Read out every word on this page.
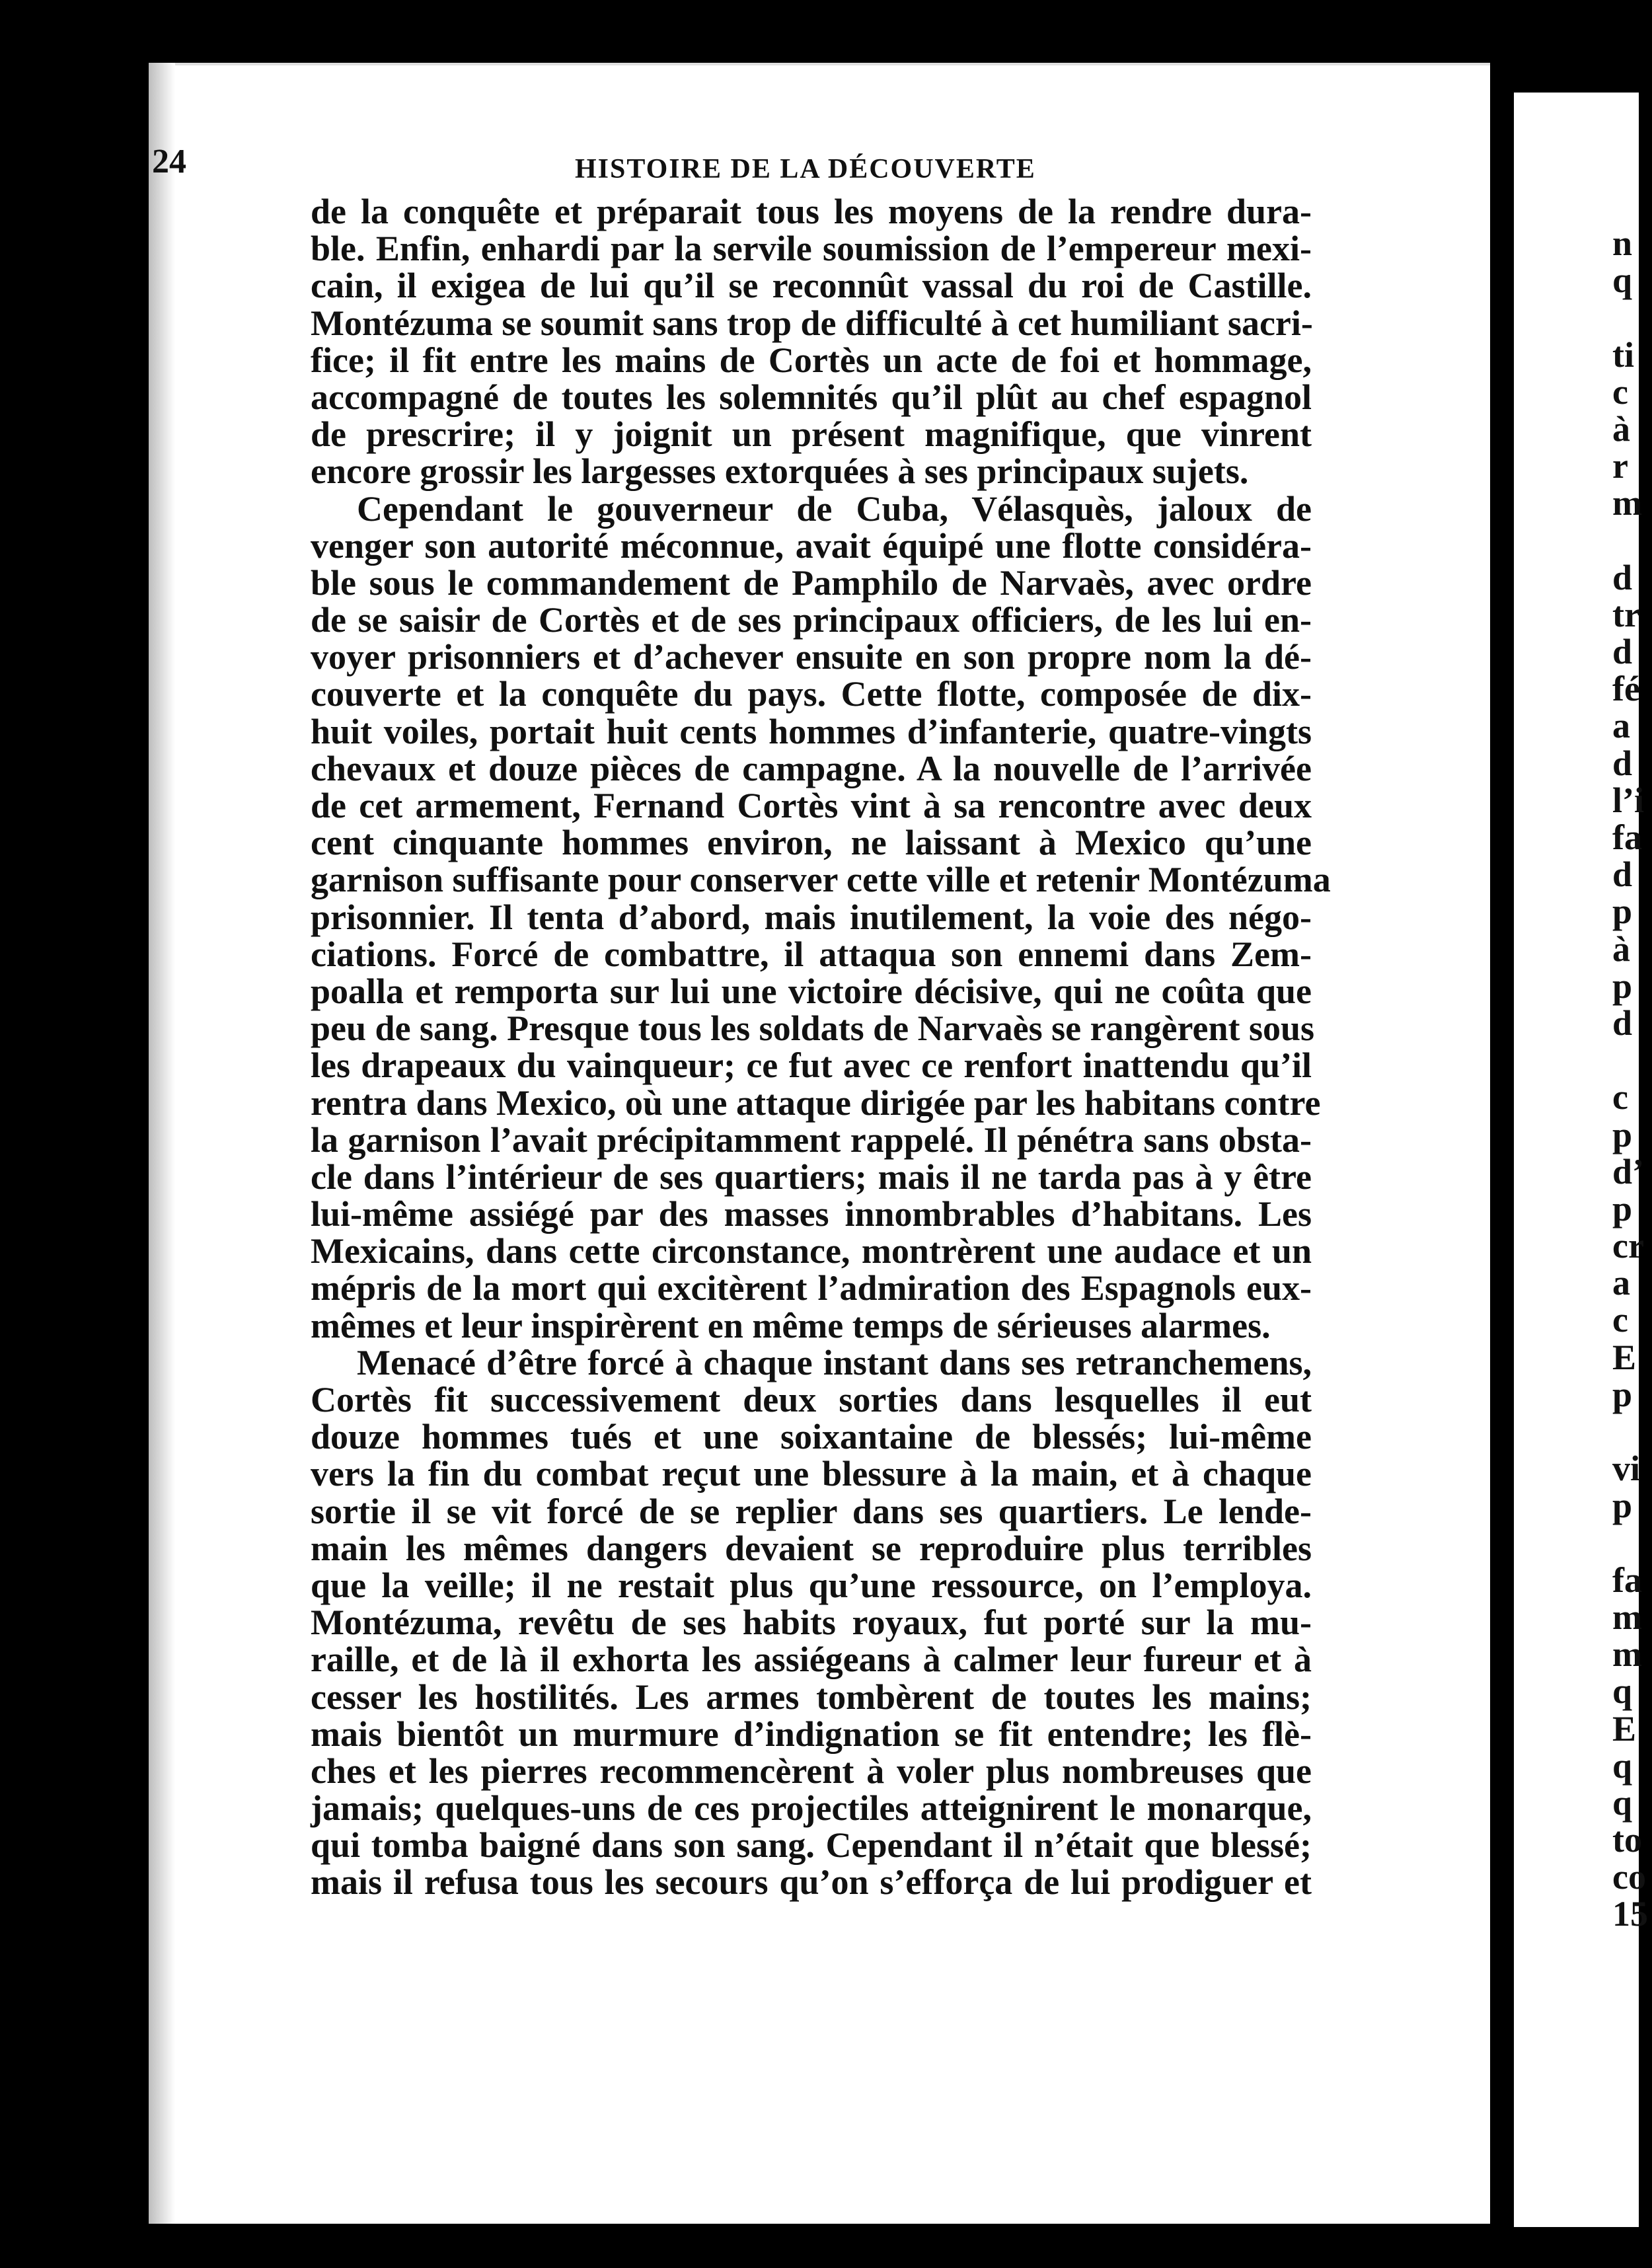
24	HISTOIRE DE LA DÉCOUVERTE
de la conquête et préparait tous les moyens de la rendre dura-
ble. Enfin, enhardi par la servile soumission de l’empereur mexi-
cain, il exigea de lui qu’il se reconnût vassal du roi de Castille.
Montézuma se soumit sans trop de difficulté à cet humiliant sacri-
fice; il fit entre les mains de Cortès un acte de foi et hommage,
accompagné de toutes les solemnités qu’il plût au chef espagnol
de prescrire; il y joignit un présent magnifique, que vinrent
encore grossir les largesses extorquées à ses principaux sujets.
Cependant le gouverneur de Cuba, Vélasquès, jaloux de
venger son autorité méconnue, avait équipé une flotte considéra-
ble sous le commandement de Pamphilo de Narvaès, avec ordre
de se saisir de Cortès et de ses principaux officiers, de les lui en-
voyer prisonniers et d’achever ensuite en son propre nom la dé-
couverte et la conquête du pays. Cette flotte, composée de dix-
huit voiles, portait huit cents hommes d’infanterie, quatre-vingts
chevaux et douze pièces de campagne. A la nouvelle de l’arrivée
de cet armement, Fernand Cortès vint à sa rencontre avec deux
cent cinquante hommes environ, ne laissant à Mexico qu’une
garnison suffisante pour conserver cette ville et retenir Montézuma
prisonnier. Il tenta d’abord, mais inutilement, la voie des négo-
ciations. Forcé de combattre, il attaqua son ennemi dans Zem-
poalla et remporta sur lui une victoire décisive, qui ne coûta que
peu de sang. Presque tous les soldats de Narvaès se rangèrent sous
les drapeaux du vainqueur; ce fut avec ce renfort inattendu qu’il
rentra dans Mexico, où une attaque dirigée par les habitans contre
la garnison l’avait précipitamment rappelé. Il pénétra sans obsta-
cle dans l’intérieur de ses quartiers; mais il ne tarda pas à y être
lui-même assiégé par des masses innombrables d’habitans. Les
Mexicains, dans cette circonstance, montrèrent une audace et un
mépris de la mort qui excitèrent l’admiration des Espagnols eux-
mêmes et leur inspirèrent en même temps de sérieuses alarmes.
Menacé d’être forcé à chaque instant dans ses retranchemens,
Cortès fit successivement deux sorties dans lesquelles il eut
douze hommes tués et une soixantaine de blessés; lui-même
vers la fin du combat reçut une blessure à la main, et à chaque
sortie il se vit forcé de se replier dans ses quartiers. Le lende-
main les mêmes dangers devaient se reproduire plus terribles
que la veille; il ne restait plus qu’une ressource, on l’employa.
Montézuma, revêtu de ses habits royaux, fut porté sur la mu-
raille, et de là il exhorta les assiégeans à calmer leur fureur et à
cesser les hostilités. Les armes tombèrent de toutes les mains;
mais bientôt un murmure d’indignation se fit entendre; les flè-
ches et les pierres recommencèrent à voler plus nombreuses que
jamais; quelques-uns de ces projectiles atteignirent le monarque,
qui tomba baigné dans son sang. Cependant il n’était que blessé;
mais il refusa tous les secours qu’on s’efforça de lui prodiguer et
n
q
ti
c
à
r
m
d
tr
d
fé
a
d
l’i
fa
d
p
à
p
d
c
p
d’
p
cr
a
c
E
p
vi
p
fa
m
m
q
E
q
q
to
co
15
